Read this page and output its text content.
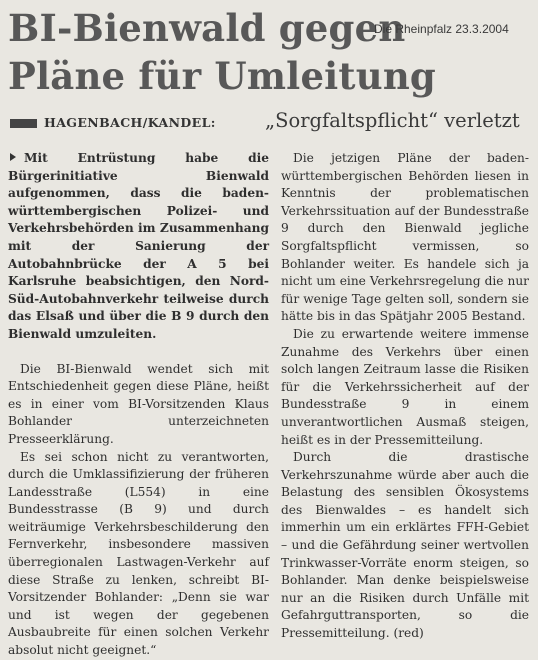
BI-Bienwald gegen
Pläne für Umleitung
Die Rheinpfalz 23.3.2004
HAGENBACH/KANDEL:	„Sorgfaltspflicht“ verletzt

Mit Entrüstung habe die Bürgerinitiative Bienwald aufgenommen, dass die baden-württembergischen Polizei- und Verkehrsbehörden im Zusammenhang mit der Sanierung der Autobahnbrücke der A 5 bei Karlsruhe beabsichtigen, den Nord-Süd-Autobahnverkehr teilweise durch das Elsaß und über die B 9 durch den Bienwald umzuleiten.

Die BI-Bienwald wendet sich mit Entschiedenheit gegen diese Pläne, heißt es in einer vom BI-Vorsitzenden Klaus Bohlander unterzeichneten Presseerklärung.

Es sei schon nicht zu verantworten, durch die Umklassifizierung der früheren Landesstraße (L554) in eine Bundesstrasse (B 9) und durch weiträumige Verkehrsbeschilderung den Fernverkehr, insbesondere massiven überregionalen Lastwagen-Verkehr auf diese Straße zu lenken, schreibt BI-Vorsitzender Bohlander: „Denn sie war und ist wegen der gegebenen Ausbaubreite für einen solchen Verkehr absolut nicht geeignet.“

Die jetzigen Pläne der baden-württembergischen Behörden liesen in Kenntnis der problematischen Verkehrssituation auf der Bundesstraße 9 durch den Bienwald jegliche Sorgfaltspflicht vermissen, so Bohlander weiter. Es handele sich ja nicht um eine Verkehrsregelung die nur für wenige Tage gelten soll, sondern sie hätte bis in das Spätjahr 2005 Bestand.

Die zu erwartende weitere immense Zunahme des Verkehrs über einen solch langen Zeitraum lasse die Risiken für die Verkehrssicherheit auf der Bundesstraße 9 in einem unverantwortlichen Ausmaß steigen, heißt es in der Pressemitteilung.

Durch die drastische Verkehrszunahme würde aber auch die Belastung des sensiblen Ökosystems des Bienwaldes – es handelt sich immerhin um ein erklärtes FFH-Gebiet – und die Gefährdung seiner wertvollen Trinkwasser-Vorräte enorm steigen, so Bohlander. Man denke beispielsweise nur an die Risiken durch Unfälle mit Gefahrguttransporten, so die Pressemitteilung. (red)
